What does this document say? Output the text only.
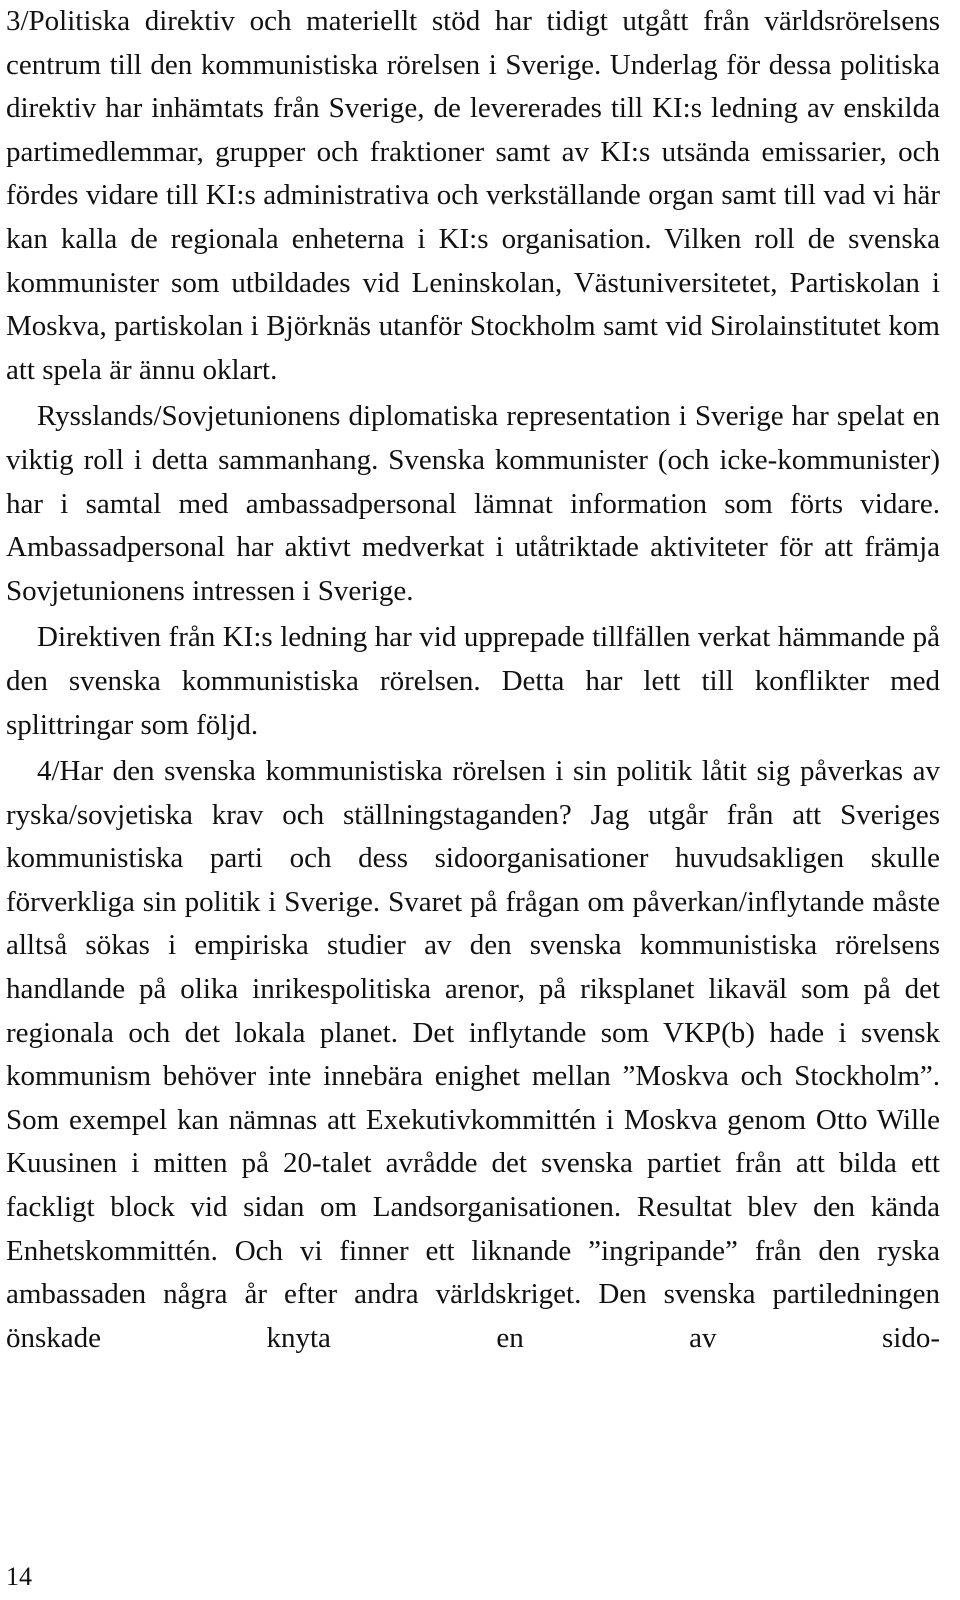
3/Politiska direktiv och materiellt stöd har tidigt utgått från världsrörelsens centrum till den kommunistiska rörelsen i Sverige. Underlag för dessa politiska direktiv har inhämtats från Sverige, de levererades till KI:s ledning av enskilda partimedlemmar, grupper och fraktioner samt av KI:s utsända emissarier, och fördes vidare till KI:s administrativa och verkställande organ samt till vad vi här kan kalla de regionala enheterna i KI:s organisation. Vilken roll de svenska kommunister som utbildades vid Leninskolan, Västuniversitetet, Partiskolan i Moskva, partiskolan i Björknäs utanför Stockholm samt vid Sirolainstitutet kom att spela är ännu oklart.

Rysslands/Sovjetunionens diplomatiska representation i Sverige har spelat en viktig roll i detta sammanhang. Svenska kommunister (och icke-kommunister) har i samtal med ambassadpersonal lämnat information som förts vidare. Ambassadpersonal har aktivt medverkat i utåtriktade aktiviteter för att främja Sovjetunionens intressen i Sverige.

Direktiven från KI:s ledning har vid upprepade tillfällen verkat hämmande på den svenska kommunistiska rörelsen. Detta har lett till konflikter med splittringar som följd.

4/Har den svenska kommunistiska rörelsen i sin politik låtit sig påverkas av ryska/sovjetiska krav och ställningstaganden? Jag utgår från att Sveriges kommunistiska parti och dess sidoorganisationer huvudsakligen skulle förverkliga sin politik i Sverige. Svaret på frågan om påverkan/inflytande måste alltså sökas i empiriska studier av den svenska kommunistiska rörelsens handlande på olika inrikespolitiska arenor, på riksplanet likaväl som på det regionala och det lokala planet. Det inflytande som VKP(b) hade i svensk kommunism behöver inte innebära enighet mellan ”Moskva och Stockholm”. Som exempel kan nämnas att Exekutivkommittén i Moskva genom Otto Wille Kuusinen i mitten på 20-talet avrådde det svenska partiet från att bilda ett fackligt block vid sidan om Landsorganisationen. Resultat blev den kända Enhetskommittén. Och vi finner ett liknande ”ingripande” från den ryska ambassaden några år efter andra världskriget. Den svenska partiledningen önskade knyta en av sido-

14
